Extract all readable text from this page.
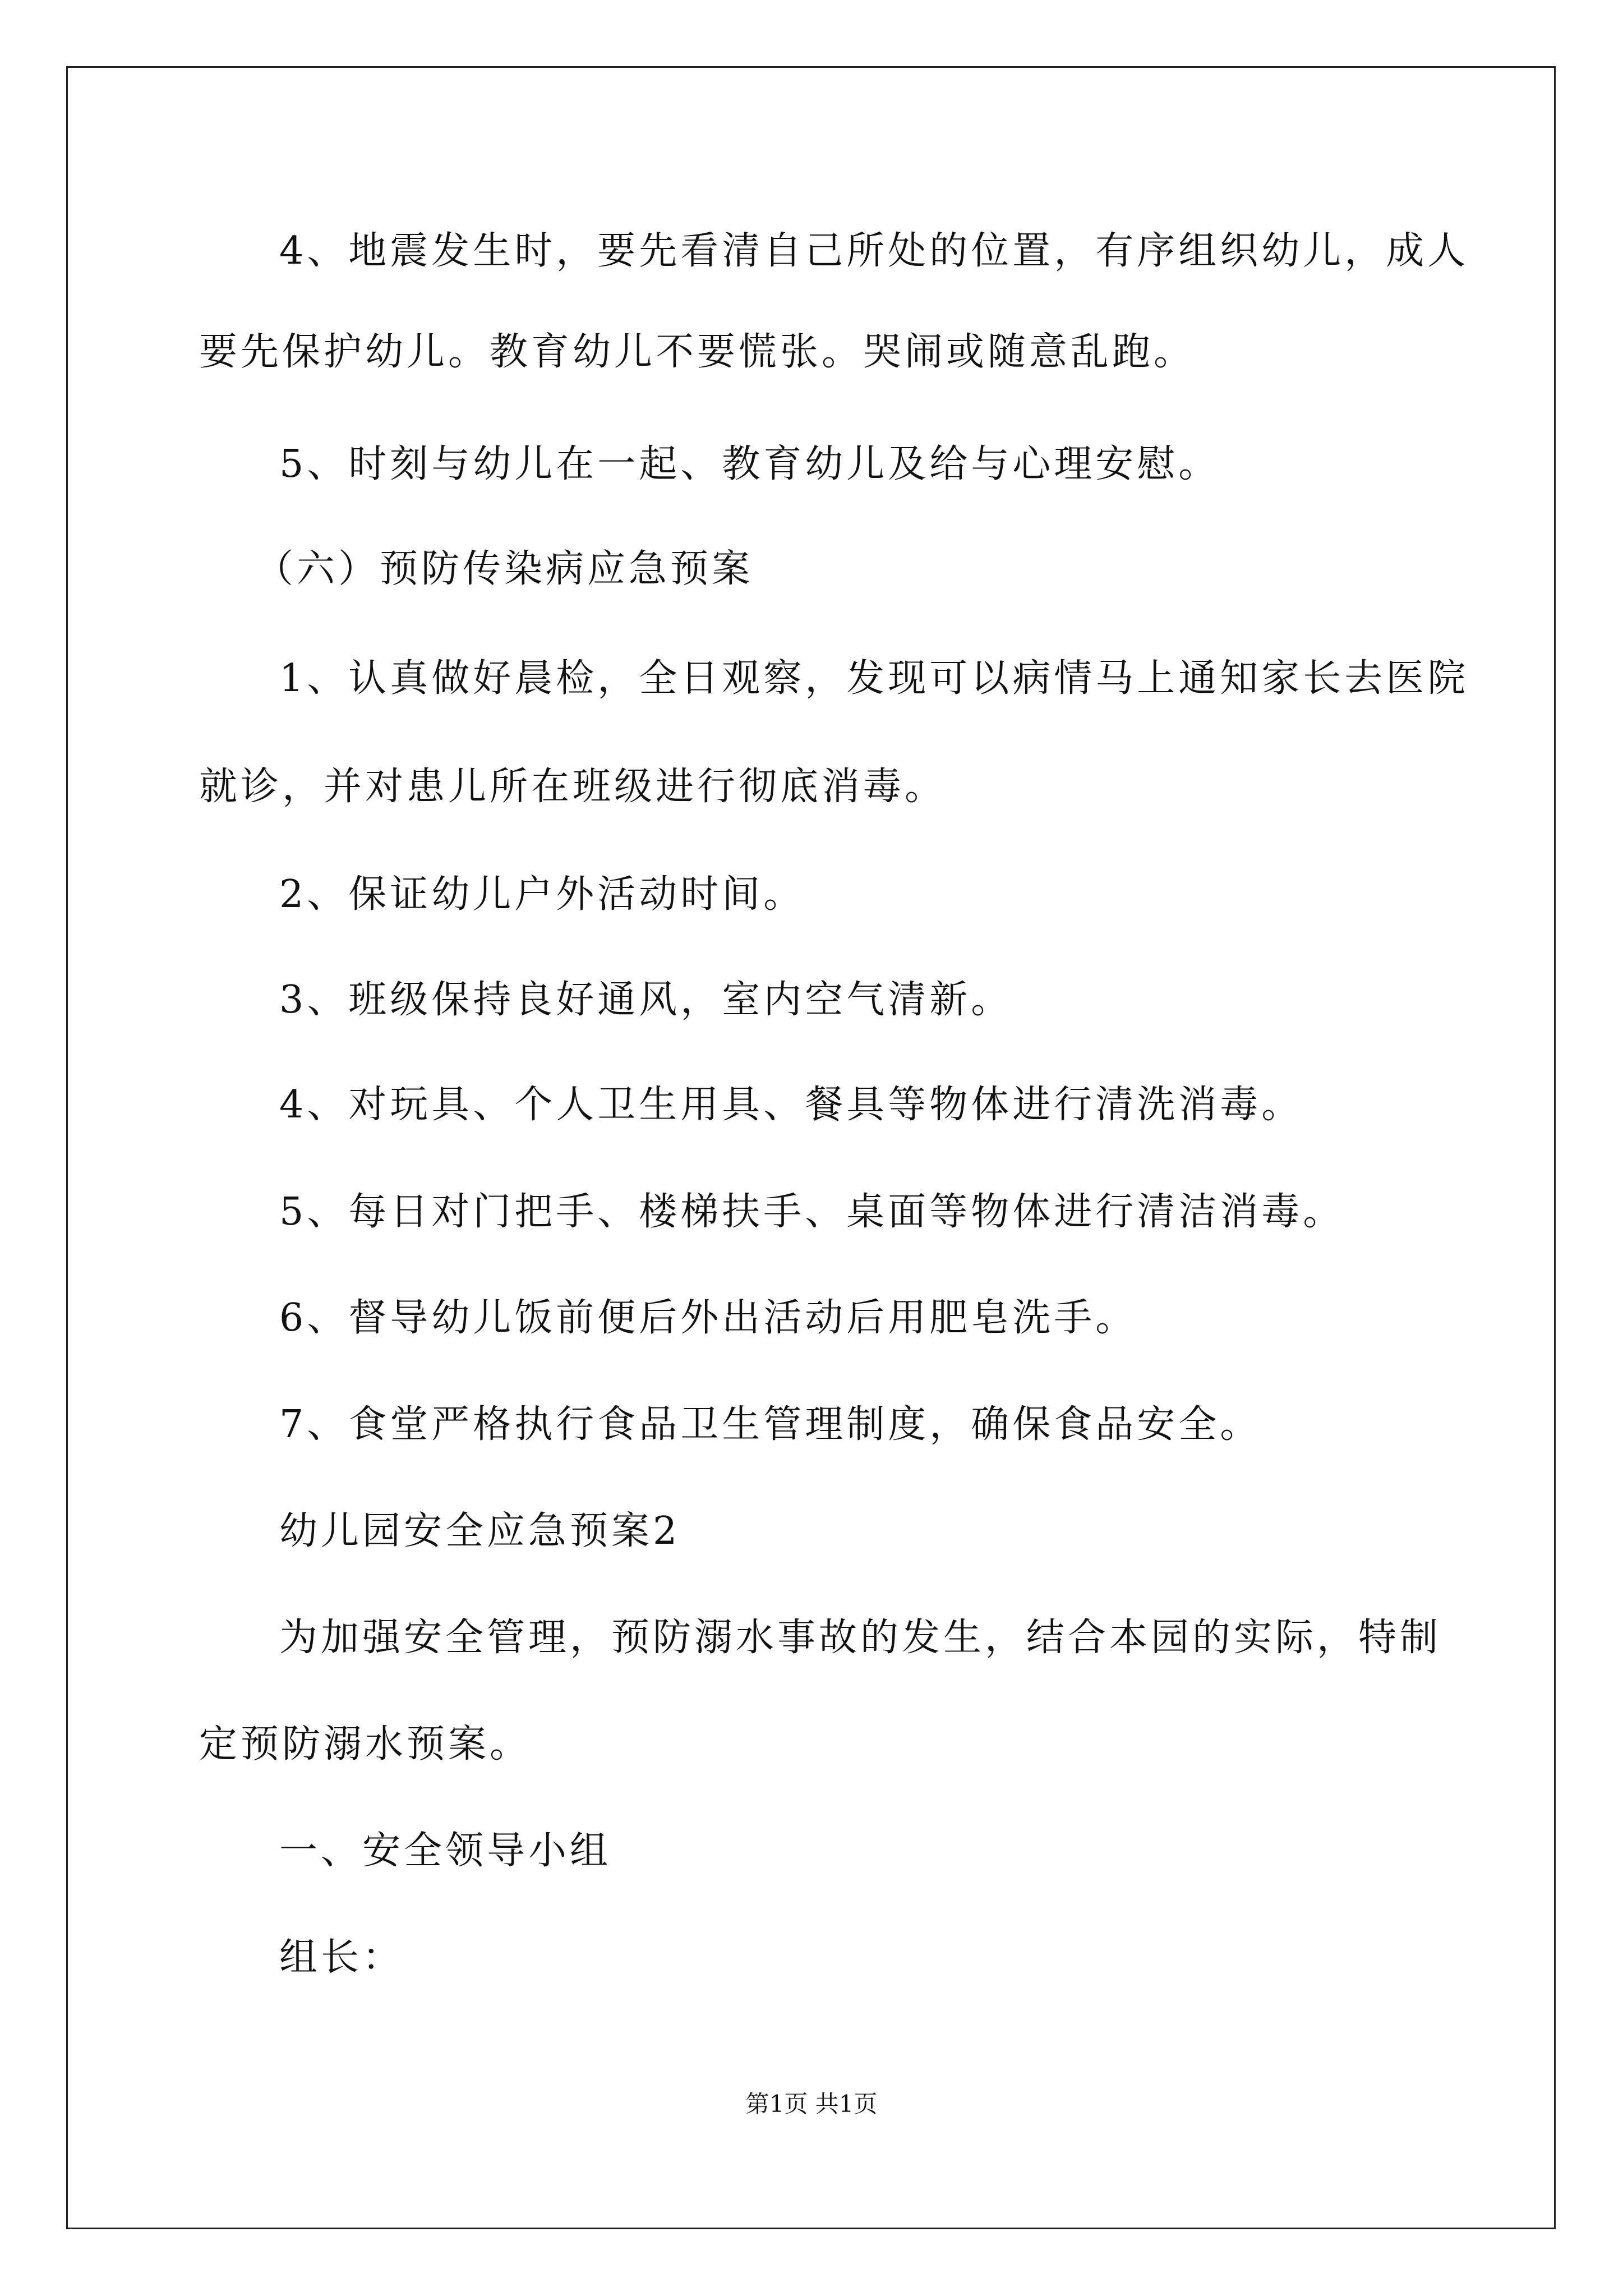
4、地震发生时，要先看清自己所处的位置，有序组织幼儿，成人
要先保护幼儿。教育幼儿不要慌张。哭闹或随意乱跑。
5、时刻与幼儿在一起、教育幼儿及给与心理安慰。
（六）预防传染病应急预案
1、认真做好晨检，全日观察，发现可以病情马上通知家长去医院
就诊，并对患儿所在班级进行彻底消毒。
2、保证幼儿户外活动时间。
3、班级保持良好通风，室内空气清新。
4、对玩具、个人卫生用具、餐具等物体进行清洗消毒。
5、每日对门把手、楼梯扶手、桌面等物体进行清洁消毒。
6、督导幼儿饭前便后外出活动后用肥皂洗手。
7、食堂严格执行食品卫生管理制度，确保食品安全。
幼儿园安全应急预案2
为加强安全管理，预防溺水事故的发生，结合本园的实际，特制
定预防溺水预案。
一、安全领导小组
组长：
第1页 共1页
